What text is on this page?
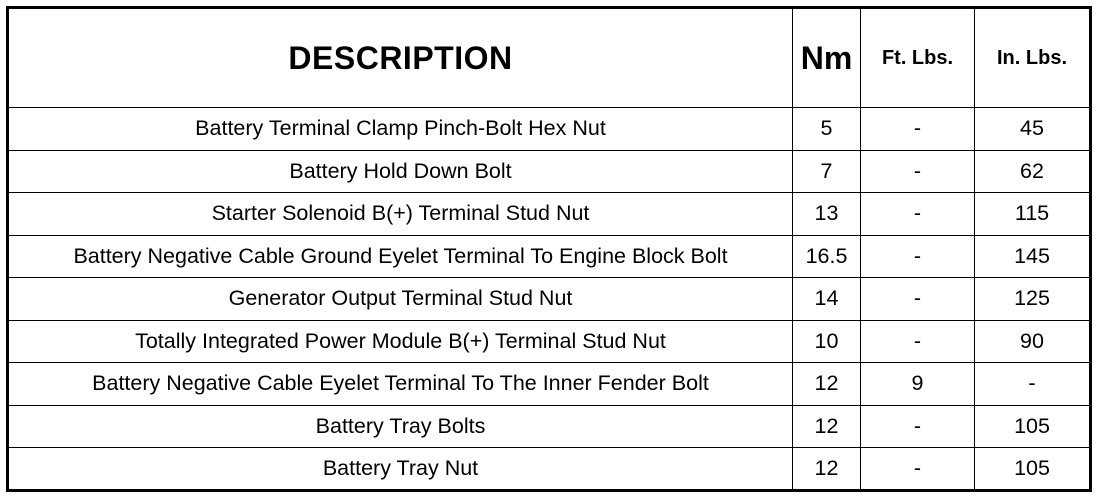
DESCRIPTION	Nm	Ft. Lbs.	In. Lbs.
Battery Terminal Clamp Pinch-Bolt Hex Nut	5	-	45
Battery Hold Down Bolt	7	-	62
Starter Solenoid B(+) Terminal Stud Nut	13	-	115
Battery Negative Cable Ground Eyelet Terminal To Engine Block Bolt	16.5	-	145
Generator Output Terminal Stud Nut	14	-	125
Totally Integrated Power Module B(+) Terminal Stud Nut	10	-	90
Battery Negative Cable Eyelet Terminal To The Inner Fender Bolt	12	9	-
Battery Tray Bolts	12	-	105
Battery Tray Nut	12	-	105
